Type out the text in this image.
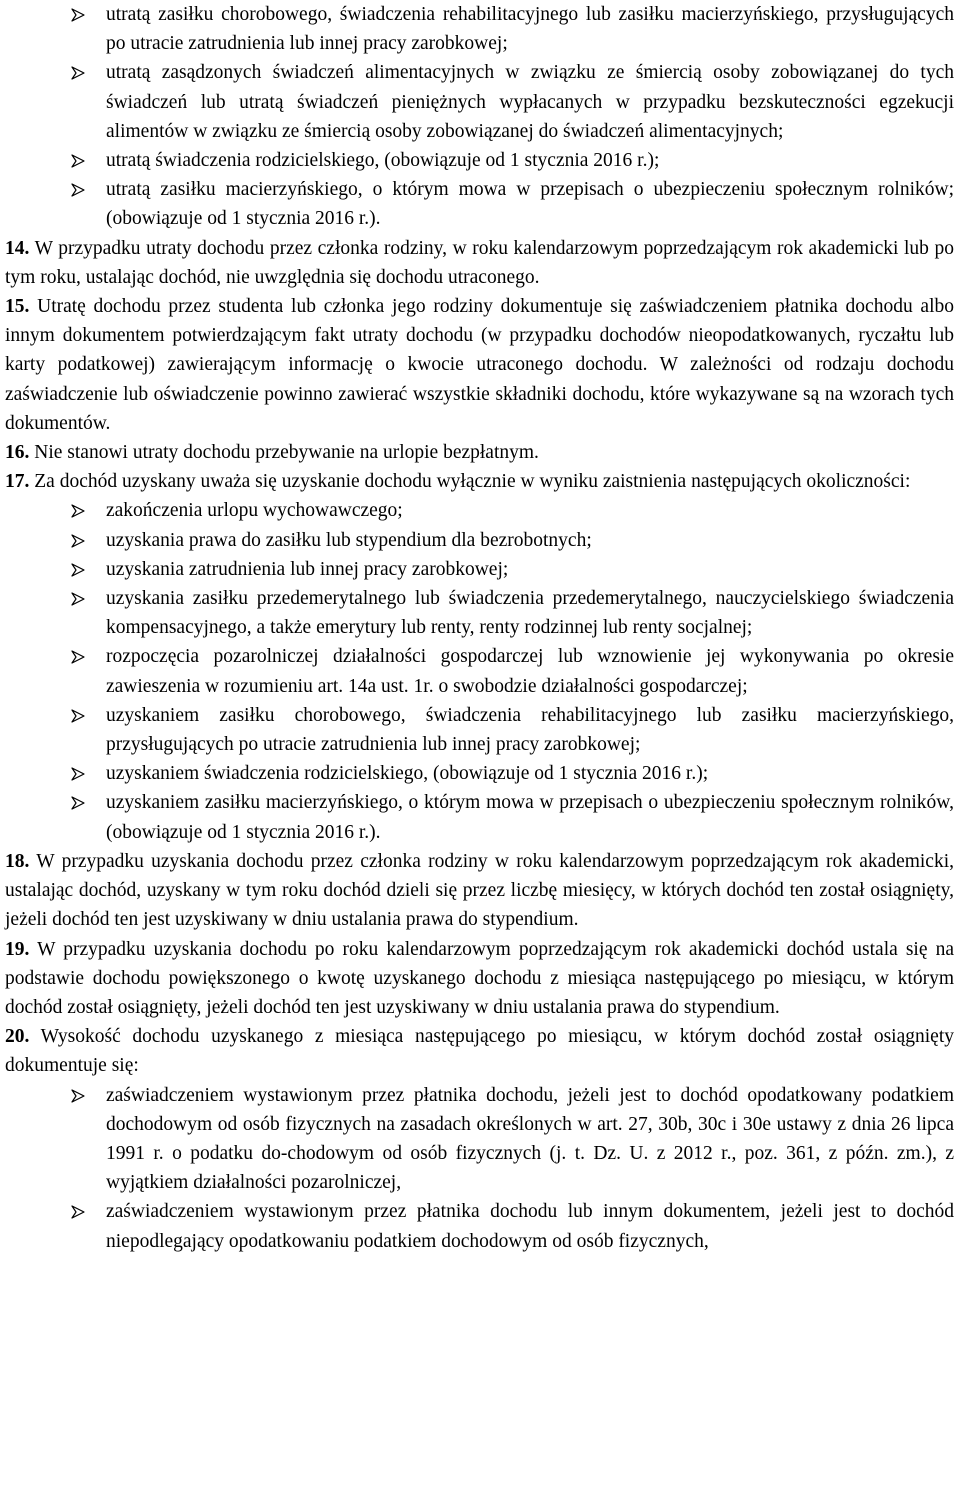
utratą zasiłku chorobowego, świadczenia rehabilitacyjnego lub zasiłku macierzyńskiego, przysługujących po utracie zatrudnienia lub innej pracy zarobkowej;
utratą zasądzonych świadczeń alimentacyjnych w związku ze śmiercią osoby zobowiązanej do tych świadczeń lub utratą świadczeń pieniężnych wypłacanych w przypadku bezskuteczności egzekucji alimentów w związku ze śmiercią osoby zobowiązanej do świadczeń alimentacyjnych;
utratą świadczenia rodzicielskiego, (obowiązuje od 1 stycznia 2016 r.);
utratą zasiłku macierzyńskiego, o którym mowa w przepisach o ubezpieczeniu społecznym rolników; (obowiązuje od 1 stycznia 2016 r.).

14. W przypadku utraty dochodu przez członka rodziny, w roku kalendarzowym poprzedzającym rok akademicki lub po tym roku, ustalając dochód, nie uwzględnia się dochodu utraconego.

15. Utratę dochodu przez studenta lub członka jego rodziny dokumentuje się zaświadczeniem płatnika dochodu albo innym dokumentem potwierdzającym fakt utraty dochodu (w przypadku dochodów nieopodatkowanych, ryczałtu lub karty podatkowej) zawierającym informację o kwocie utraconego dochodu. W zależności od rodzaju dochodu zaświadczenie lub oświadczenie powinno zawierać wszystkie składniki dochodu, które wykazywane są na wzorach tych dokumentów.

16. Nie stanowi utraty dochodu przebywanie na urlopie bezpłatnym.

17. Za dochód uzyskany uważa się uzyskanie dochodu wyłącznie w wyniku zaistnienia następujących okoliczności:

zakończenia urlopu wychowawczego;
uzyskania prawa do zasiłku lub stypendium dla bezrobotnych;
uzyskania zatrudnienia lub innej pracy zarobkowej;
uzyskania zasiłku przedemerytalnego lub świadczenia przedemerytalnego, nauczycielskiego świadczenia kompensacyjnego, a także emerytury lub renty, renty rodzinnej lub renty socjalnej;
rozpoczęcia pozarolniczej działalności gospodarczej lub wznowienie jej wykonywania po okresie zawieszenia w rozumieniu art. 14a ust. 1r. o swobodzie działalności gospodarczej;
uzyskaniem zasiłku chorobowego, świadczenia rehabilitacyjnego lub zasiłku macierzyńskiego, przysługujących po utracie zatrudnienia lub innej pracy zarobkowej;
uzyskaniem świadczenia rodzicielskiego, (obowiązuje od 1 stycznia 2016 r.);
uzyskaniem zasiłku macierzyńskiego, o którym mowa w przepisach o ubezpieczeniu społecznym rolników, (obowiązuje od 1 stycznia 2016 r.).

18. W przypadku uzyskania dochodu przez członka rodziny w roku kalendarzowym poprzedzającym rok akademicki, ustalając dochód, uzyskany w tym roku dochód dzieli się przez liczbę miesięcy, w których dochód ten został osiągnięty, jeżeli dochód ten jest uzyskiwany w dniu ustalania prawa do stypendium.

19. W przypadku uzyskania dochodu po roku kalendarzowym poprzedzającym rok akademicki dochód ustala się na podstawie dochodu powiększonego o kwotę uzyskanego dochodu z miesiąca następującego po miesiącu, w którym dochód został osiągnięty, jeżeli dochód ten jest uzyskiwany w dniu ustalania prawa do stypendium.

20. Wysokość dochodu uzyskanego z miesiąca następującego po miesiącu, w którym dochód został osiągnięty dokumentuje się:

zaświadczeniem wystawionym przez płatnika dochodu, jeżeli jest to dochód opodatkowany podatkiem dochodowym od osób fizycznych na zasadach określonych w art. 27, 30b, 30c i 30e ustawy z dnia 26 lipca 1991 r. o podatku do-chodowym od osób fizycznych (j. t. Dz. U. z 2012 r., poz. 361, z późn. zm.), z wyjątkiem działalności pozarolniczej,
zaświadczeniem wystawionym przez płatnika dochodu lub innym dokumentem, jeżeli jest to dochód niepodlegający opodatkowaniu podatkiem dochodowym od osób fizycznych,
